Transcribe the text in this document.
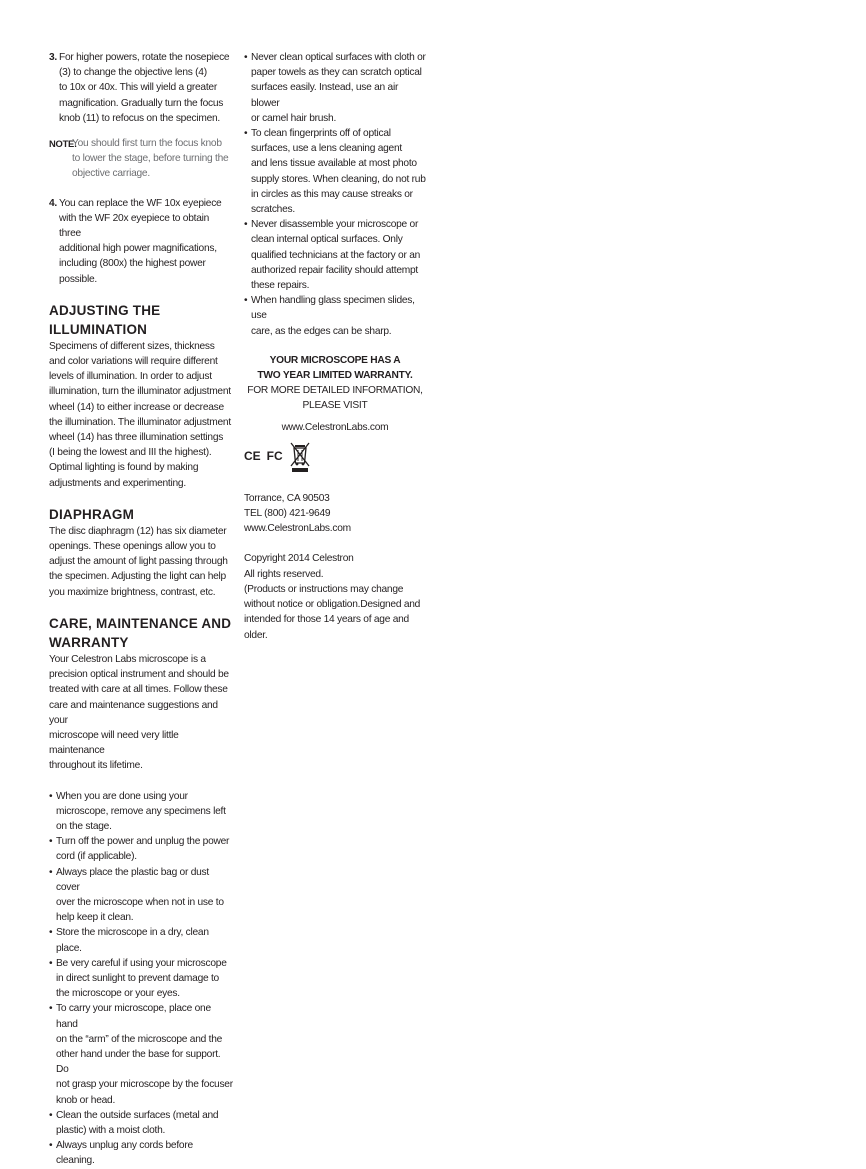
3. For higher powers, rotate the nosepiece
(3) to change the objective lens (4)
to 10x or 40x. This will yield a greater
magnification. Gradually turn the focus
knob (11) to refocus on the specimen.
NOTE:
You should first turn the focus knob
to lower the stage, before turning the
objective carriage.
4. You can replace the WF 10x eyepiece
with the WF 20x eyepiece to obtain three
additional high power magnifications,
including (800x) the highest power
possible.
ADJUSTING THE
ILLUMINATION
Specimens of different sizes, thickness
and color variations will require different
levels of illumination. In order to adjust
illumination, turn the illuminator adjustment
wheel (14) to either increase or decrease
the illumination. The illuminator adjustment
wheel (14) has three illumination settings
(I being the lowest and III the highest).
Optimal lighting is found by making
adjustments and experimenting.
DIAPHRAGM
The disc diaphragm (12) has six diameter
openings. These openings allow you to
adjust the amount of light passing through
the specimen. Adjusting the light can help
you maximize brightness, contrast, etc.
CARE, MAINTENANCE AND
WARRANTY
Your Celestron Labs microscope is a
precision optical instrument and should be
treated with care at all times. Follow these
care and maintenance suggestions and your
microscope will need very little maintenance
throughout its lifetime.
• When you are done using your
microscope, remove any specimens left
on the stage.
• Turn off the power and unplug the power
cord (if applicable).
• Always place the plastic bag or dust cover
over the microscope when not in use to
help keep it clean.
• Store the microscope in a dry, clean place.
• Be very careful if using your microscope
in direct sunlight to prevent damage to
the microscope or your eyes.
• To carry your microscope, place one hand
on the “arm” of the microscope and the
other hand under the base for support. Do
not grasp your microscope by the focuser
knob or head.
• Clean the outside surfaces (metal and
plastic) with a moist cloth.
• Always unplug any cords before cleaning.
• Never clean optical surfaces with cloth or
paper towels as they can scratch optical
surfaces easily. Instead, use an air blower
or camel hair brush.
• To clean fingerprints off of optical
surfaces, use a lens cleaning agent
and lens tissue available at most photo
supply stores. When cleaning, do not rub
in circles as this may cause streaks or
scratches.
• Never disassemble your microscope or
clean internal optical surfaces. Only
qualified technicians at the factory or an
authorized repair facility should attempt
these repairs.
• When handling glass specimen slides, use
care, as the edges can be sharp.
YOUR MICROSCOPE HAS A
TWO YEAR LIMITED WARRANTY.
FOR MORE DETAILED INFORMATION,
PLEASE VISIT
www.CelestronLabs.com
CE FC
Torrance, CA 90503
TEL (800) 421-9649
www.CelestronLabs.com
Copyright 2014 Celestron
All rights reserved.
(Products or instructions may change
without notice or obligation.Designed and
intended for those 14 years of age and
older.
